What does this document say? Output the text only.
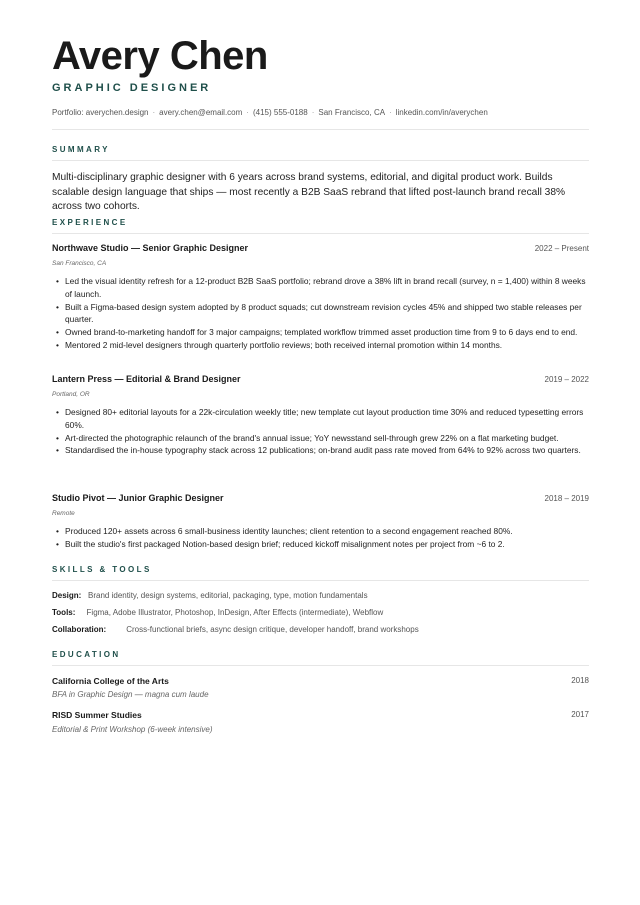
Avery Chen
GRAPHIC DESIGNER
Portfolio: averychen.design · avery.chen@email.com · (415) 555-0188 · San Francisco, CA · linkedin.com/in/averychen
SUMMARY
Multi-disciplinary graphic designer with 6 years across brand systems, editorial, and digital product work. Builds scalable design language that ships — most recently a B2B SaaS rebrand that lifted post-launch brand recall 38% across two cohorts.
EXPERIENCE
Northwave Studio — Senior Graphic Designer	2022 – Present
San Francisco, CA
• Led the visual identity refresh for a 12-product B2B SaaS portfolio; rebrand drove a 38% lift in brand recall (survey, n = 1,400) within 8 weeks of launch.
• Built a Figma-based design system adopted by 8 product squads; cut downstream revision cycles 45% and shipped two stable releases per quarter.
• Owned brand-to-marketing handoff for 3 major campaigns; templated workflow trimmed asset production time from 9 to 6 days end to end.
• Mentored 2 mid-level designers through quarterly portfolio reviews; both received internal promotion within 14 months.
Lantern Press — Editorial & Brand Designer	2019 – 2022
Portland, OR
• Designed 80+ editorial layouts for a 22k-circulation weekly title; new template cut layout production time 30% and reduced typesetting errors 60%.
• Art-directed the photographic relaunch of the brand's annual issue; YoY newsstand sell-through grew 22% on a flat marketing budget.
• Standardised the in-house typography stack across 12 publications; on-brand audit pass rate moved from 64% to 92% across two quarters.
Studio Pivot — Junior Graphic Designer	2018 – 2019
Remote
• Produced 120+ assets across 6 small-business identity launches; client retention to a second engagement reached 80%.
• Built the studio's first packaged Notion-based design brief; reduced kickoff misalignment notes per project from ~6 to 2.
SKILLS & TOOLS
Design: Brand identity, design systems, editorial, packaging, type, motion fundamentals
Tools: Figma, Adobe Illustrator, Photoshop, InDesign, After Effects (intermediate), Webflow
Collaboration:	Cross-functional briefs, async design critique, developer handoff, brand workshops
EDUCATION
California College of the Arts	2018
BFA in Graphic Design — magna cum laude
RISD Summer Studies	2017
Editorial & Print Workshop (6-week intensive)
